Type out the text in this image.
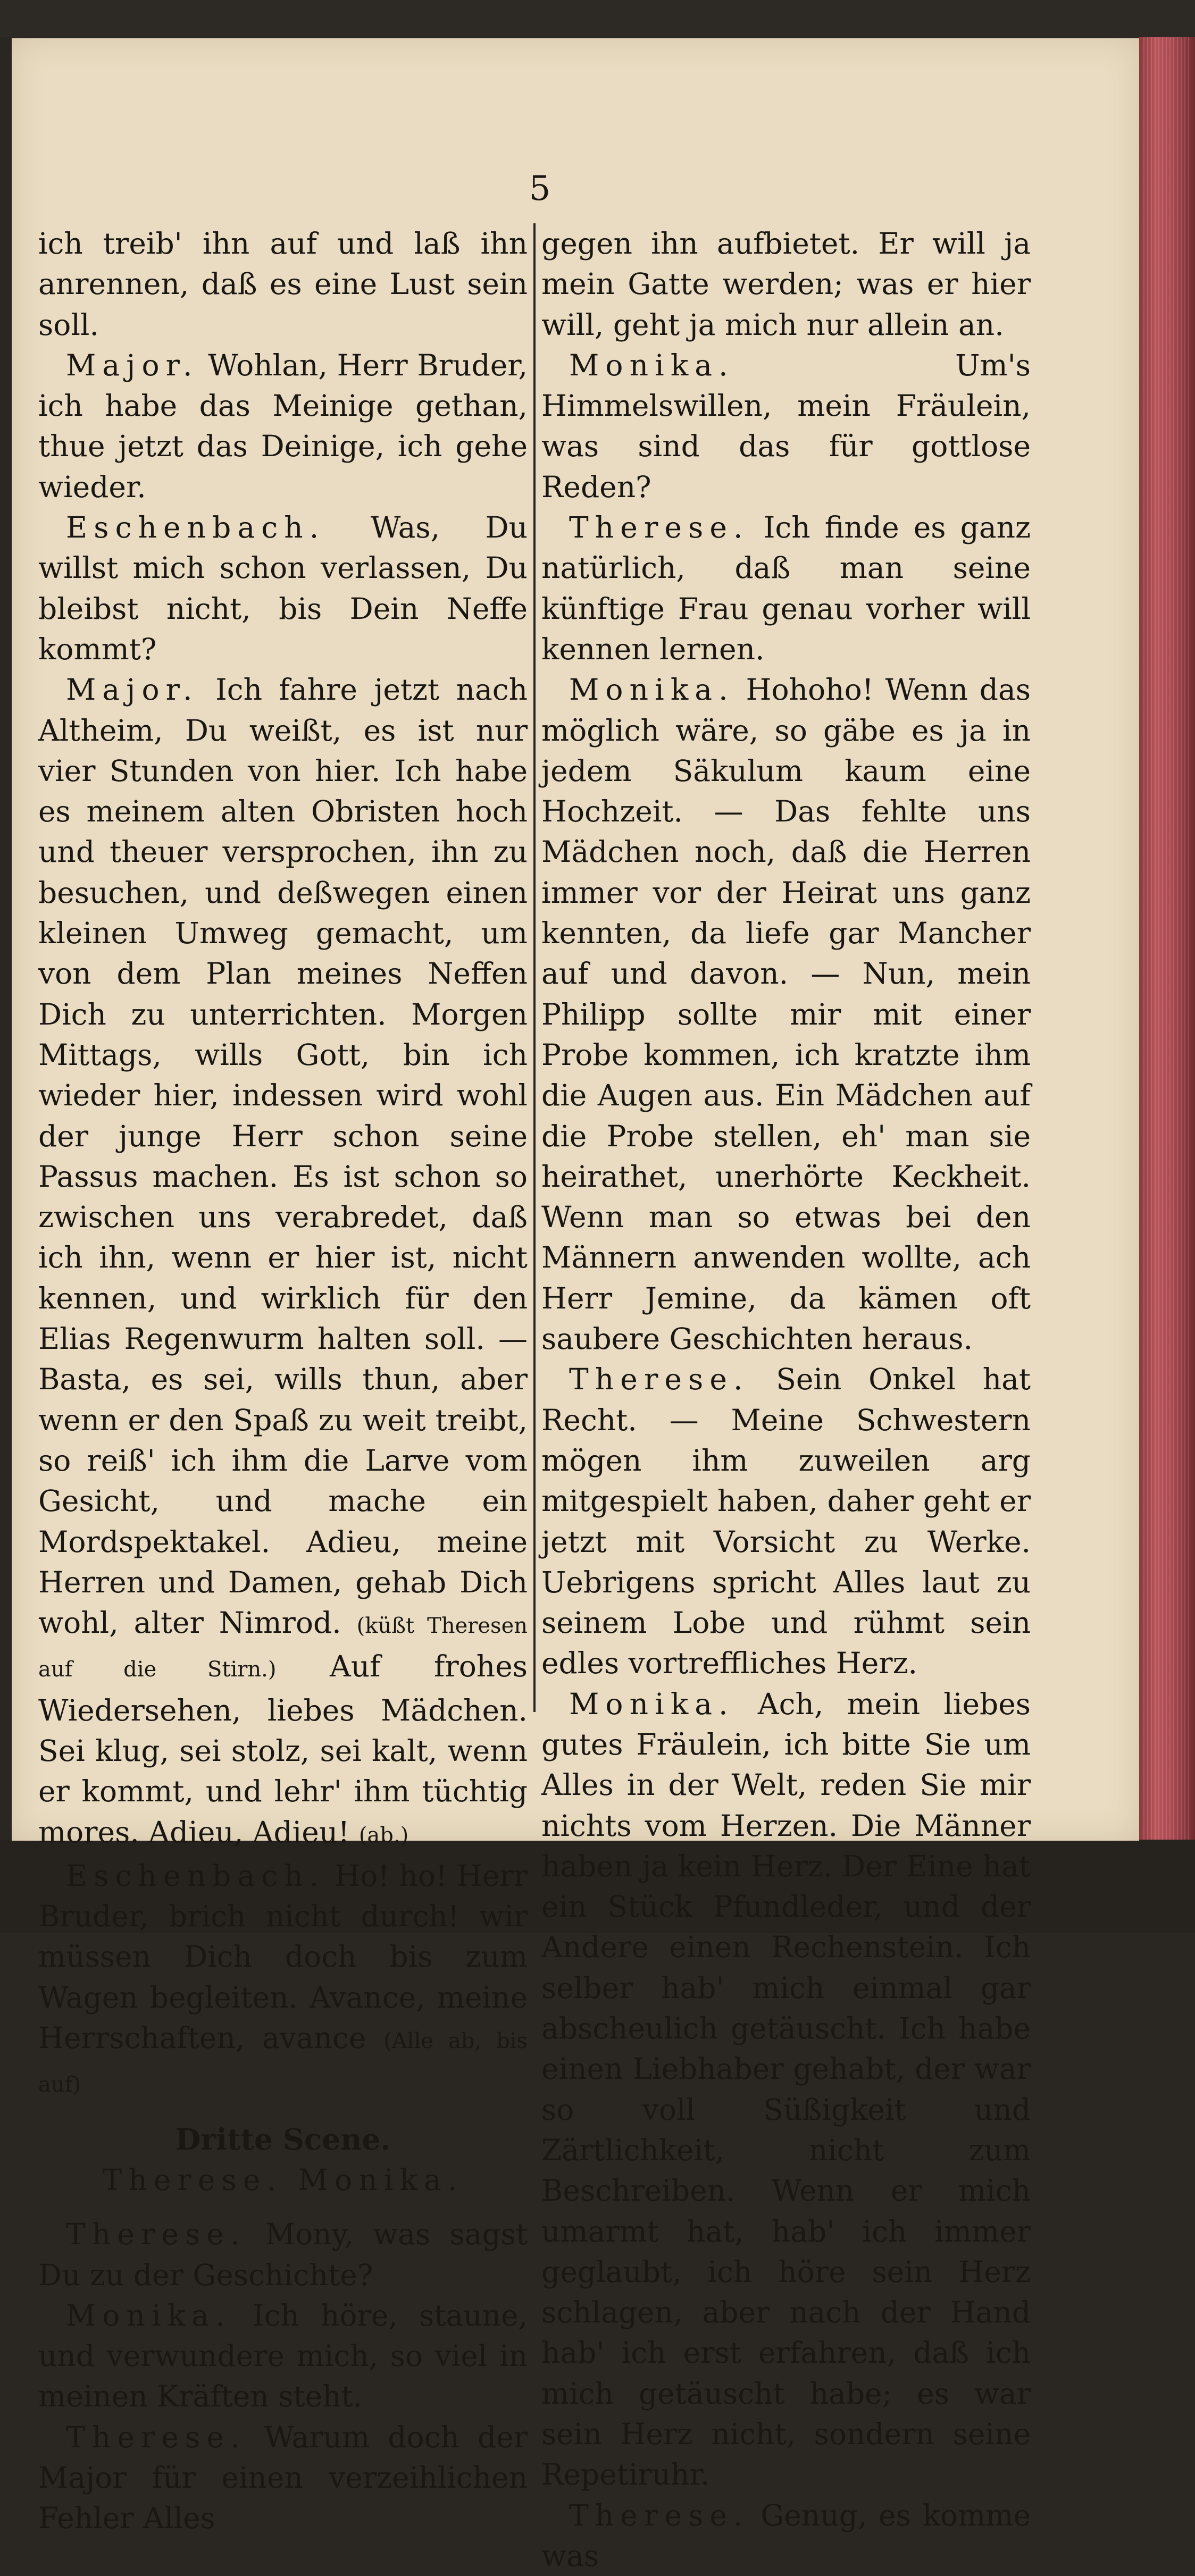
5

ich treib' ihn auf und laß ihn anrennen, daß es eine Lust sein soll.

Major. Wohlan, Herr Bruder, ich habe das Meinige gethan, thue jetzt das Deinige, ich gehe wieder.

Eschenbach. Was, Du willst mich schon verlassen, Du bleibst nicht, bis Dein Neffe kommt?

Major. Ich fahre jetzt nach Altheim, Du weißt, es ist nur vier Stunden von hier. Ich habe es meinem alten Obristen hoch und theuer versprochen, ihn zu besuchen, und deßwegen einen kleinen Umweg gemacht, um von dem Plan meines Neffen Dich zu unterrichten. Morgen Mittags, wills Gott, bin ich wieder hier, indessen wird wohl der junge Herr schon seine Passus machen. Es ist schon so zwischen uns verabredet, daß ich ihn, wenn er hier ist, nicht kennen, und wirklich für den Elias Regenwurm halten soll. — Basta, es sei, wills thun, aber wenn er den Spaß zu weit treibt, so reiß' ich ihm die Larve vom Gesicht, und mache ein Mordspektakel. Adieu, meine Herren und Damen, gehab Dich wohl, alter Nimrod. (küßt Theresen auf die Stirn.) Auf frohes Wiedersehen, liebes Mädchen. Sei klug, sei stolz, sei kalt, wenn er kommt, und lehr' ihm tüchtig mores. Adieu, Adieu! (ab.)

Eschenbach. Ho! ho! Herr Bruder, brich nicht durch! wir müssen Dich doch bis zum Wagen begleiten. Avance, meine Herrschaften, avance (Alle ab, bis auf)

Dritte Scene.

Therese. Monika.

Therese. Mony, was sagst Du zu der Geschichte?

Monika. Ich höre, staune, und verwundere mich, so viel in meinen Kräften steht.

Therese. Warum doch der Major für einen verzeihlichen Fehler Alles

gegen ihn aufbietet. Er will ja mein Gatte werden; was er hier will, geht ja mich nur allein an.

Monika.	Um's Himmelswillen, mein Fräulein, was sind das für gottlose Reden?

Therese. Ich finde es ganz natürlich, daß man seine künftige Frau genau vorher will kennen lernen.

Monika. Hohoho! Wenn das möglich wäre, so gäbe es ja in jedem Säkulum kaum eine Hochzeit. — Das fehlte uns Mädchen noch, daß die Herren immer vor der Heirat uns ganz kennten, da liefe gar Mancher auf und davon. — Nun, mein Philipp sollte mir mit einer Probe kommen, ich kratzte ihm die Augen aus. Ein Mädchen auf die Probe stellen, eh' man sie heirathet, unerhörte Keckheit. Wenn man so etwas bei den Männern anwenden wollte, ach Herr Jemine, da kämen oft saubere Geschichten heraus.

Therese. Sein Onkel hat Recht. — Meine Schwestern mögen ihm zuweilen arg mitgespielt haben, daher geht er jetzt mit Vorsicht zu Werke. Uebrigens spricht Alles laut zu seinem Lobe und rühmt sein edles vortreffliches Herz.

Monika. Ach, mein liebes gutes Fräulein, ich bitte Sie um Alles in der Welt, reden Sie mir nichts vom Herzen. Die Männer haben ja kein Herz. Der Eine hat ein Stück Pfundleder, und der Andere einen Rechenstein. Ich selber hab' mich einmal gar abscheulich getäuscht. Ich habe einen Liebhaber gehabt, der war so voll Süßigkeit und Zärtlichkeit, nicht zum Beschreiben. Wenn er mich umarmt hat, hab' ich immer geglaubt, ich höre sein Herz schlagen, aber nach der Hand hab' ich erst erfahren, daß ich mich getäuscht habe; es war sein Herz nicht, sondern seine Repetiruhr.

Therese. Genug, es komme was
